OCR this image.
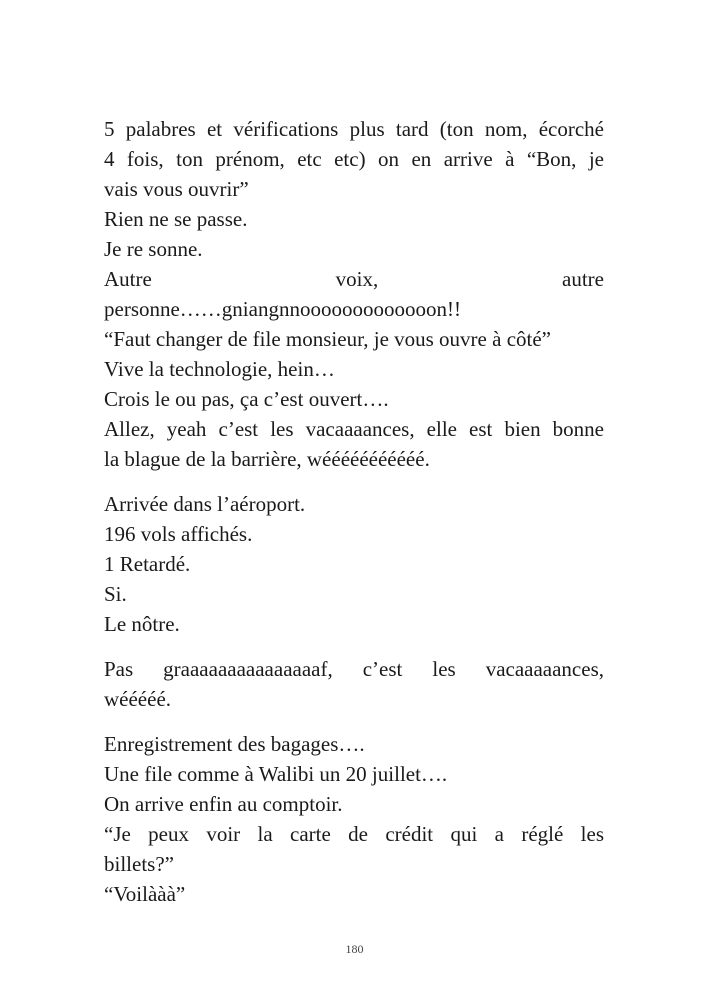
5 palabres et vérifications plus tard (ton nom, écorché
4 fois, ton prénom, etc etc) on en arrive à “Bon, je
vais vous ouvrir”
Rien ne se passe.
Je re sonne.
Autre voix, autre
personne……gniangnnooooooooooooon!!
“Faut changer de file monsieur, je vous ouvre à côté”
Vive la technologie, hein…
Crois le ou pas, ça c’est ouvert….
Allez, yeah c’est les vacaaaances, elle est bien bonne
la blague de la barrière, wééééééééééé.
Arrivée dans l’aéroport.
196 vols affichés.
1 Retardé.
Si.
Le nôtre.
Pas graaaaaaaaaaaaaaaf, c’est les vacaaaaances,
wééééé.
Enregistrement des bagages….
Une file comme à Walibi un 20 juillet….
On arrive enfin au comptoir.
“Je peux voir la carte de crédit qui a réglé les
billets?”
“Voilààà”
180
